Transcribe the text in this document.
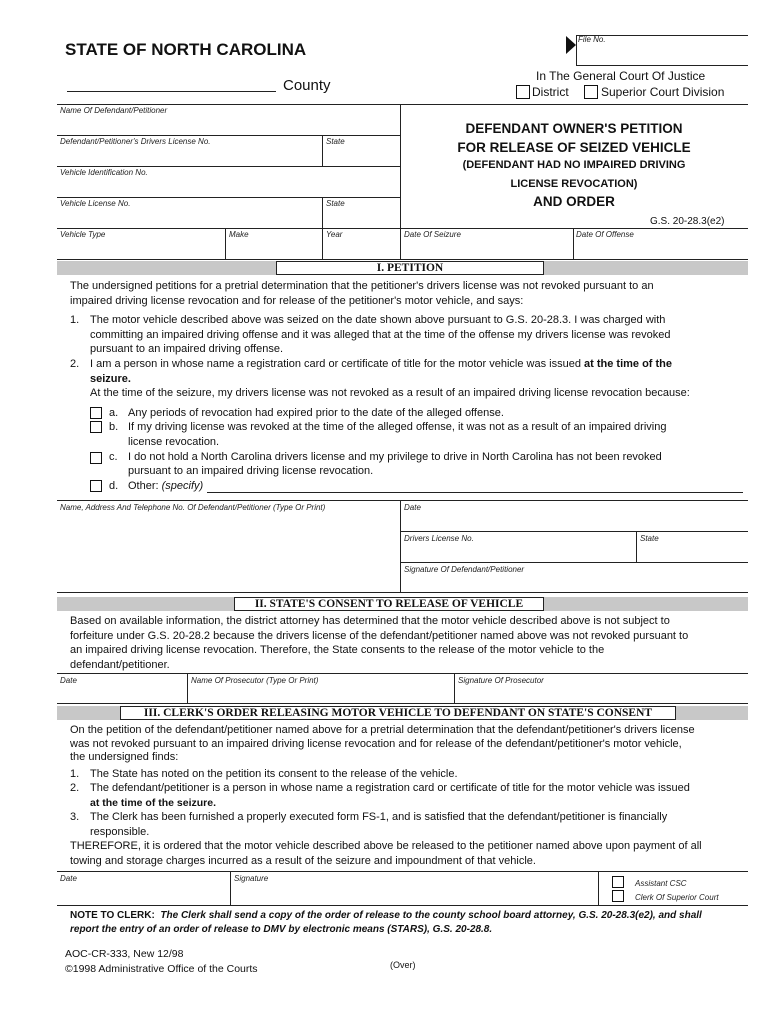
File No.
STATE OF NORTH CAROLINA
County
In The General Court Of Justice
District	Superior Court Division
Name Of Defendant/Petitioner
Defendant/Petitioner's Drivers License No.	State
Vehicle Identification No.
Vehicle License No.	State
DEFENDANT OWNER'S PETITION
FOR RELEASE OF SEIZED VEHICLE
(DEFENDANT HAD NO IMPAIRED DRIVING
LICENSE REVOCATION)
AND ORDER
G.S. 20-28.3(e2)
Vehicle Type	Make	Year	Date Of Seizure	Date Of Offense
I. PETITION
The undersigned petitions for a pretrial determination that the petitioner's drivers license was not revoked pursuant to an
impaired driving license revocation and for release of the petitioner's motor vehicle, and says:
1. The motor vehicle described above was seized on the date shown above pursuant to G.S. 20-28.3. I was charged with
committing an impaired driving offense and it was alleged that at the time of the offense my drivers license was revoked
pursuant to an impaired driving offense.
2. I am a person in whose name a registration card or certificate of title for the motor vehicle was issued at the time of the
seizure.
At the time of the seizure, my drivers license was not revoked as a result of an impaired driving license revocation because:
a. Any periods of revocation had expired prior to the date of the alleged offense.
b. If my driving license was revoked at the time of the alleged offense, it was not as a result of an impaired driving
license revocation.
c. I do not hold a North Carolina drivers license and my privilege to drive in North Carolina has not been revoked
pursuant to an impaired driving license revocation.
d. Other: (specify)
Name, Address And Telephone No. Of Defendant/Petitioner (Type Or Print)	Date
Drivers License No.	State
Signature Of Defendant/Petitioner
II. STATE'S CONSENT TO RELEASE OF VEHICLE
Based on available information, the district attorney has determined that the motor vehicle described above is not subject to
forfeiture under G.S. 20-28.2 because the drivers license of the defendant/petitioner named above was not revoked pursuant to
an impaired driving license revocation. Therefore, the State consents to the release of the motor vehicle to the
defendant/petitioner.
Date	Name Of Prosecutor (Type Or Print)	Signature Of Prosecutor
III. CLERK'S ORDER RELEASING MOTOR VEHICLE TO DEFENDANT ON STATE'S CONSENT
On the petition of the defendant/petitioner named above for a pretrial determination that the defendant/petitioner's drivers license
was not revoked pursuant to an impaired driving license revocation and for release of the defendant/petitioner's motor vehicle,
the undersigned finds:
1. The State has noted on the petition its consent to the release of the vehicle.
2. The defendant/petitioner is a person in whose name a registration card or certificate of title for the motor vehicle was issued
at the time of the seizure.
3. The Clerk has been furnished a properly executed form FS-1, and is satisfied that the defendant/petitioner is financially
responsible.
THEREFORE, it is ordered that the motor vehicle described above be released to the petitioner named above upon payment of all
towing and storage charges incurred as a result of the seizure and impoundment of that vehicle.
Date	Signature
Assistant CSC
Clerk Of Superior Court
NOTE TO CLERK: The Clerk shall send a copy of the order of release to the county school board attorney, G.S. 20-28.3(e2), and shall
report the entry of an order of release to DMV by electronic means (STARS), G.S. 20-28.8.
AOC-CR-333, New 12/98
(Over)
©1998 Administrative Office of the Courts
